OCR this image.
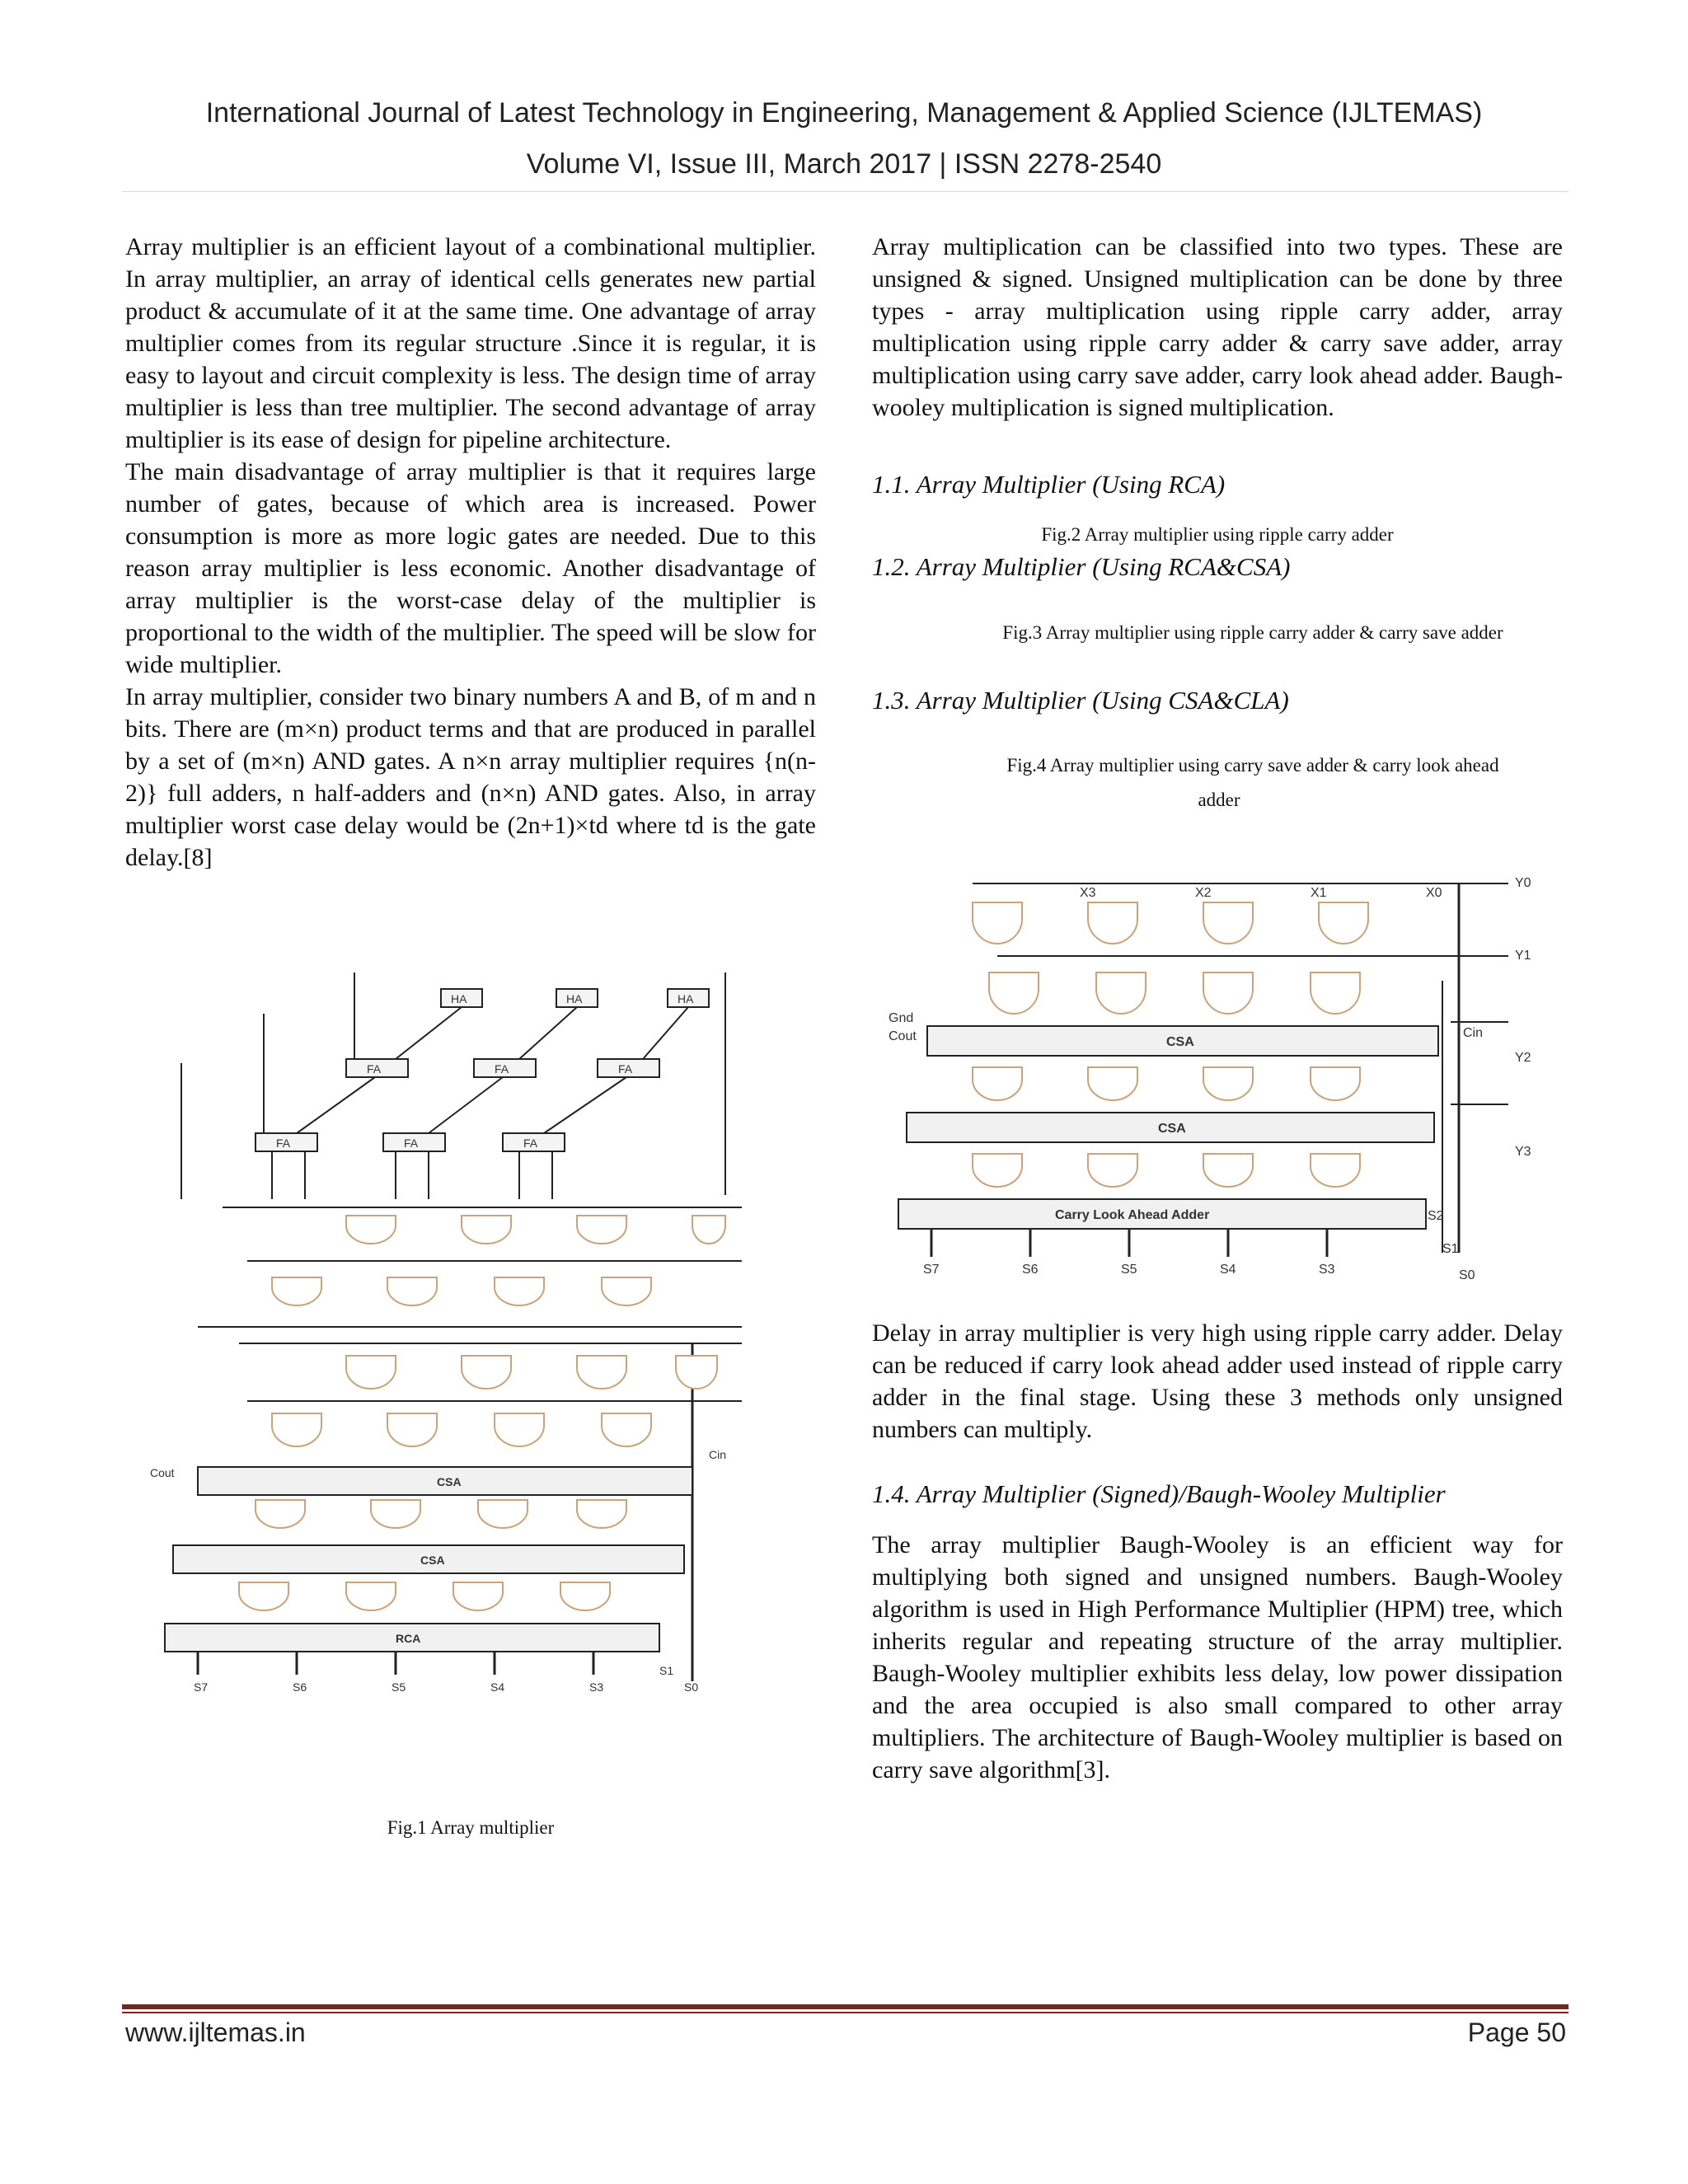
International Journal of Latest Technology in Engineering, Management & Applied Science (IJLTEMAS)
Volume VI, Issue III, March 2017 | ISSN 2278-2540

Array multiplier is an efficient layout of a combinational multiplier. In array multiplier, an array of identical cells generates new partial product & accumulate of it at the same time. One advantage of array multiplier comes from its regular structure .Since it is regular, it is easy to layout and circuit complexity is less. The design time of array multiplier is less than tree multiplier. The second advantage of array multiplier is its ease of design for pipeline architecture.

The main disadvantage of array multiplier is that it requires large number of gates, because of which area is increased. Power consumption is more as more logic gates are needed. Due to this reason array multiplier is less economic. Another disadvantage of array multiplier is the worst-case delay of the multiplier is proportional to the width of the multiplier. The speed will be slow for wide multiplier.

In array multiplier, consider two binary numbers A and B, of m and n bits. There are (m×n) product terms and that are produced in parallel by a set of (m×n) AND gates. A n×n array multiplier requires {n(n-2)} full adders, n half-adders and (n×n) AND gates. Also, in array multiplier worst case delay would be (2n+1)×td where td is the gate delay.[8]

Array multiplication can be classified into two types. These are unsigned & signed. Unsigned multiplication can be done by three types - array multiplication using ripple carry adder, array multiplication using ripple carry adder & carry save adder, array multiplication using carry save adder, carry look ahead adder. Baugh-wooley multiplication is signed multiplication.
1.1. Array Multiplier (Using RCA)
Fig.2 Array multiplier using ripple carry adder
1.2. Array Multiplier (Using RCA&CSA)
Fig.3 Array multiplier using ripple carry adder & carry save adder
1.3. Array Multiplier (Using CSA&CLA)
Fig.4 Array multiplier using carry save adder & carry look ahead
adder
X3	X2	X1	X0
Y0
Y1
CSA
Gnd
Cout	Cin
Y2
CSA
Y3
Carry Look Ahead Adder
S7	S6	S5	S4	S3
S2
S1
S0
HA	HA	HA
FA	FA	FA
FA	FA	FA
CSA
CSA
RCA
Cout
Cin
S7	S6	S5	S4	S3
S1
S0
Fig.1 Array multiplier
Delay in array multiplier is very high using ripple carry adder. Delay can be reduced if carry look ahead adder used instead of ripple carry adder in the final stage. Using these 3 methods only unsigned numbers can multiply.
1.4. Array Multiplier (Signed)/Baugh-Wooley Multiplier
The array multiplier Baugh-Wooley is an efficient way for multiplying both signed and unsigned numbers. Baugh-Wooley algorithm is used in High Performance Multiplier (HPM) tree, which inherits regular and repeating structure of the array multiplier. Baugh-Wooley multiplier exhibits less delay, low power dissipation and the area occupied is also small compared to other array multipliers. The architecture of Baugh-Wooley multiplier is based on carry save algorithm[3].
www.ijltemas.in	Page 50
